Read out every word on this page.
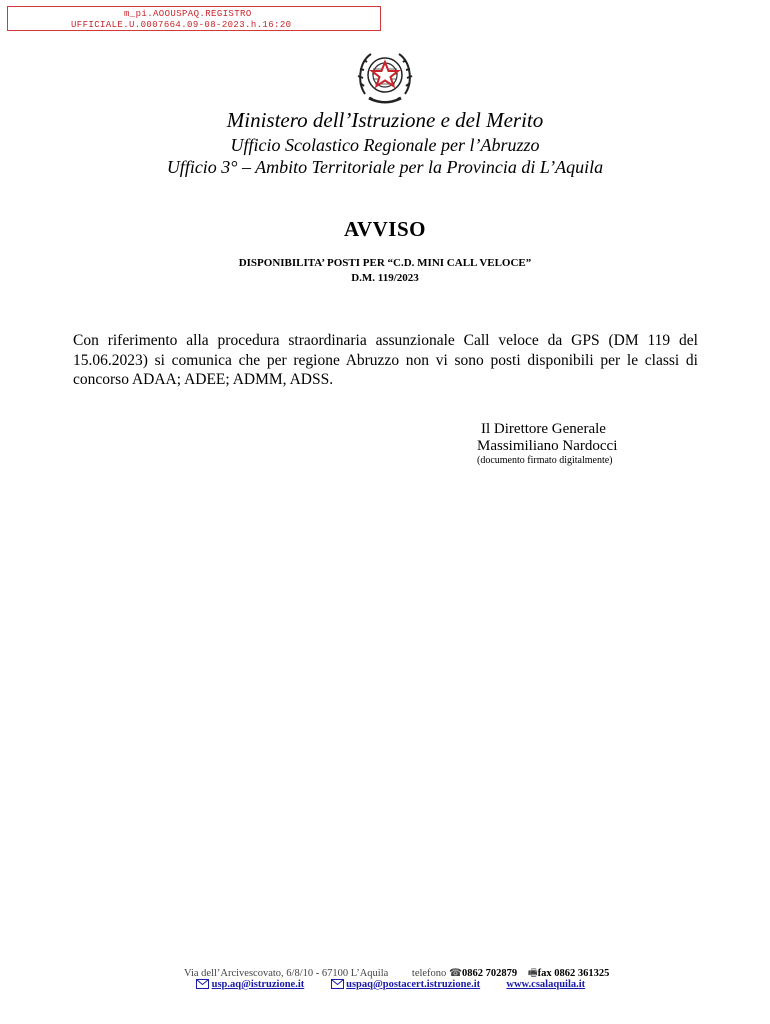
m_pi.AOOUSPAQ.REGISTRO
UFFICIALE.U.0007664.09-08-2023.h.16:20
Ministero dell’Istruzione e del Merito
Ufficio Scolastico Regionale per l’Abruzzo
Ufficio 3° – Ambito Territoriale per la Provincia di L’Aquila
AVVISO
DISPONIBILITA’ POSTI PER “C.D. MINI CALL VELOCE”
D.M. 119/2023
Con riferimento alla procedura straordinaria assunzionale Call veloce da GPS (DM 119 del 15.06.2023) si comunica che per regione Abruzzo non vi sono posti disponibili per le classi di concorso ADAA; ADEE; ADMM, ADSS.
Il Direttore Generale
Massimiliano Nardocci
(documento firmato digitalmente)
Via dell’Arcivescovato, 6/8/10 - 67100 L’Aquila telefono ☎0862 702879 🖷fax 0862 361325
usp.aq@istruzione.it	uspaq@postacert.istruzione.it	www.csalaquila.it
